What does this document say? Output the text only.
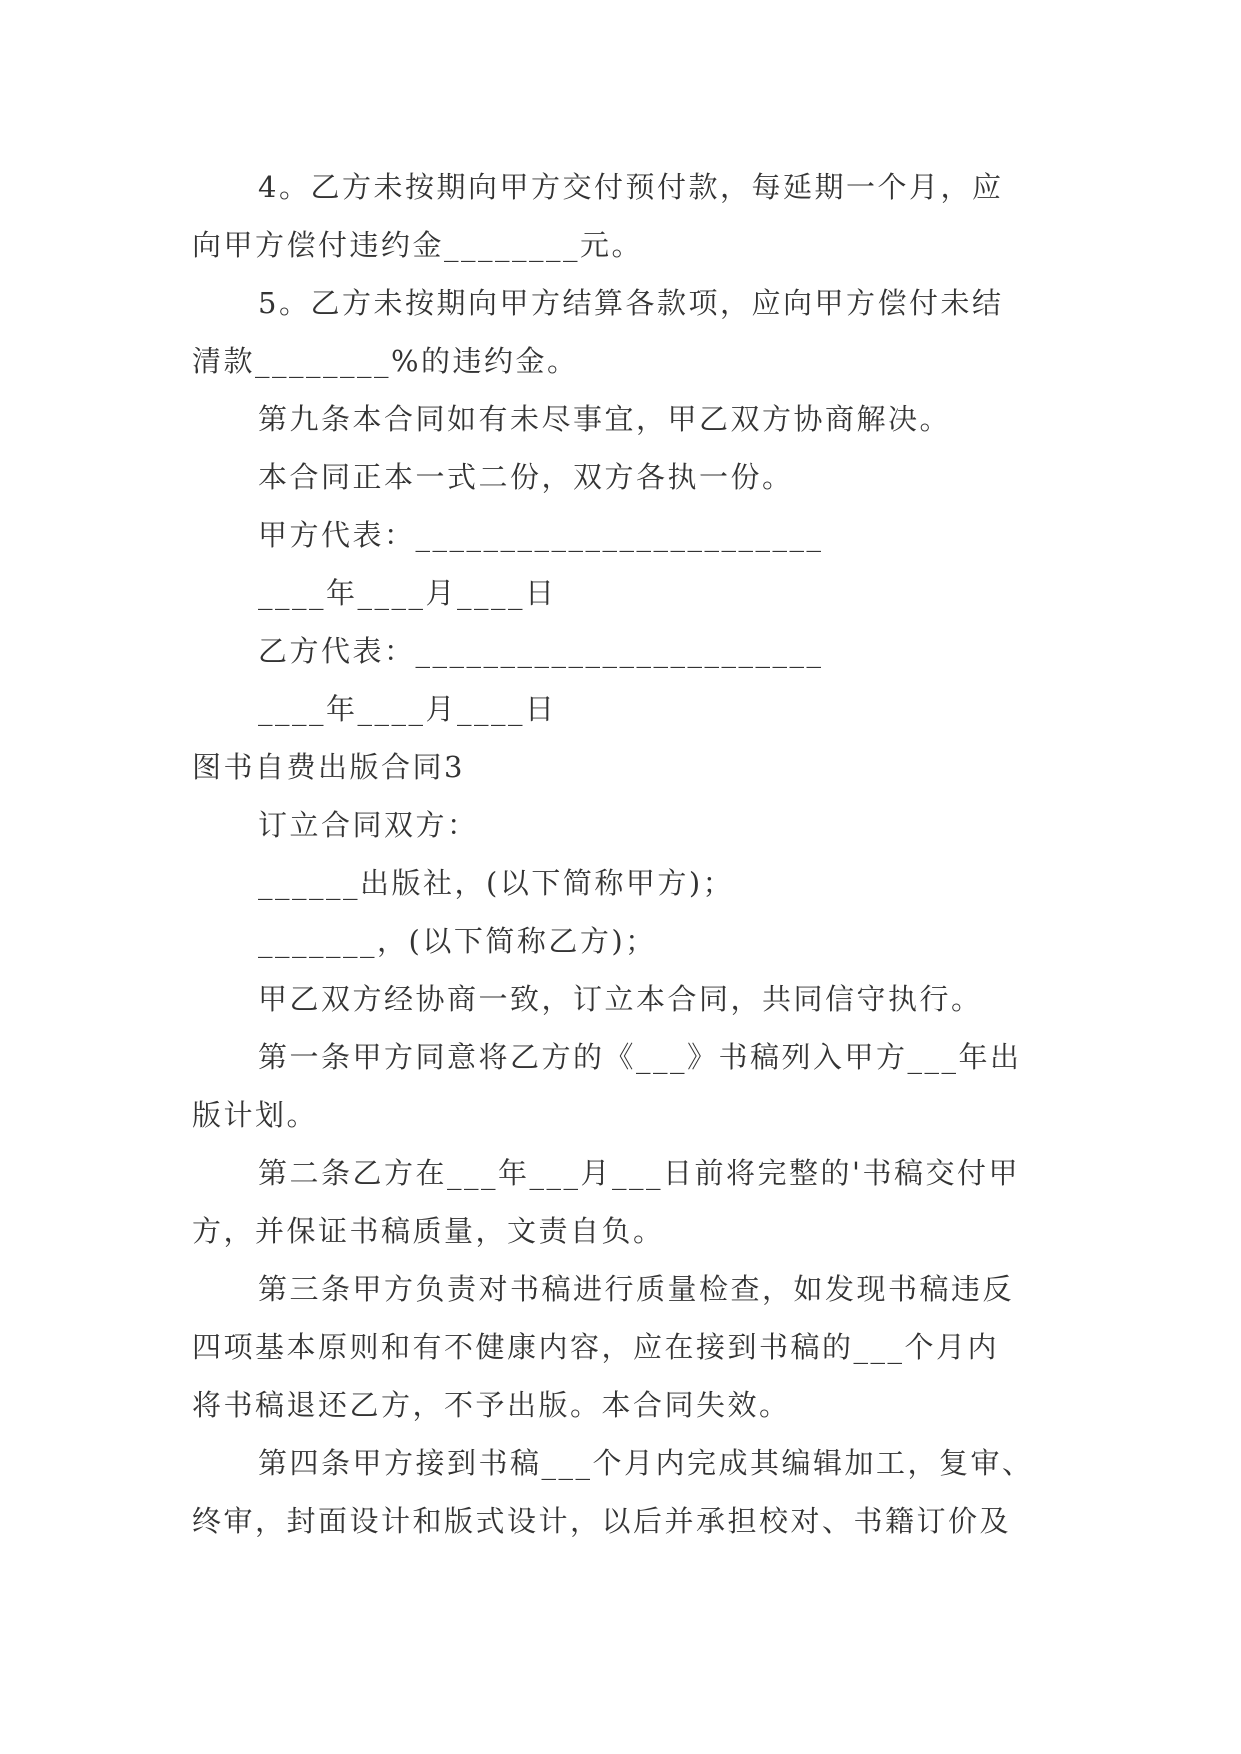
4。乙方未按期向甲方交付预付款，每延期一个月，应
向甲方偿付违约金________元。
5。乙方未按期向甲方结算各款项，应向甲方偿付未结
清款________%的违约金。
第九条本合同如有未尽事宜，甲乙双方协商解决。
本合同正本一式二份，双方各执一份。
甲方代表：________________________
____年____月____日
乙方代表：________________________
____年____月____日
图书自费出版合同3
订立合同双方：
______出版社，(以下简称甲方)；
_______，(以下简称乙方)；
甲乙双方经协商一致，订立本合同，共同信守执行。
第一条甲方同意将乙方的《___》书稿列入甲方___年出
版计划。
第二条乙方在___年___月___日前将完整的'书稿交付甲
方，并保证书稿质量，文责自负。
第三条甲方负责对书稿进行质量检查，如发现书稿违反
四项基本原则和有不健康内容，应在接到书稿的___个月内
将书稿退还乙方，不予出版。本合同失效。
第四条甲方接到书稿___个月内完成其编辑加工，复审、
终审，封面设计和版式设计，以后并承担校对、书籍订价及
